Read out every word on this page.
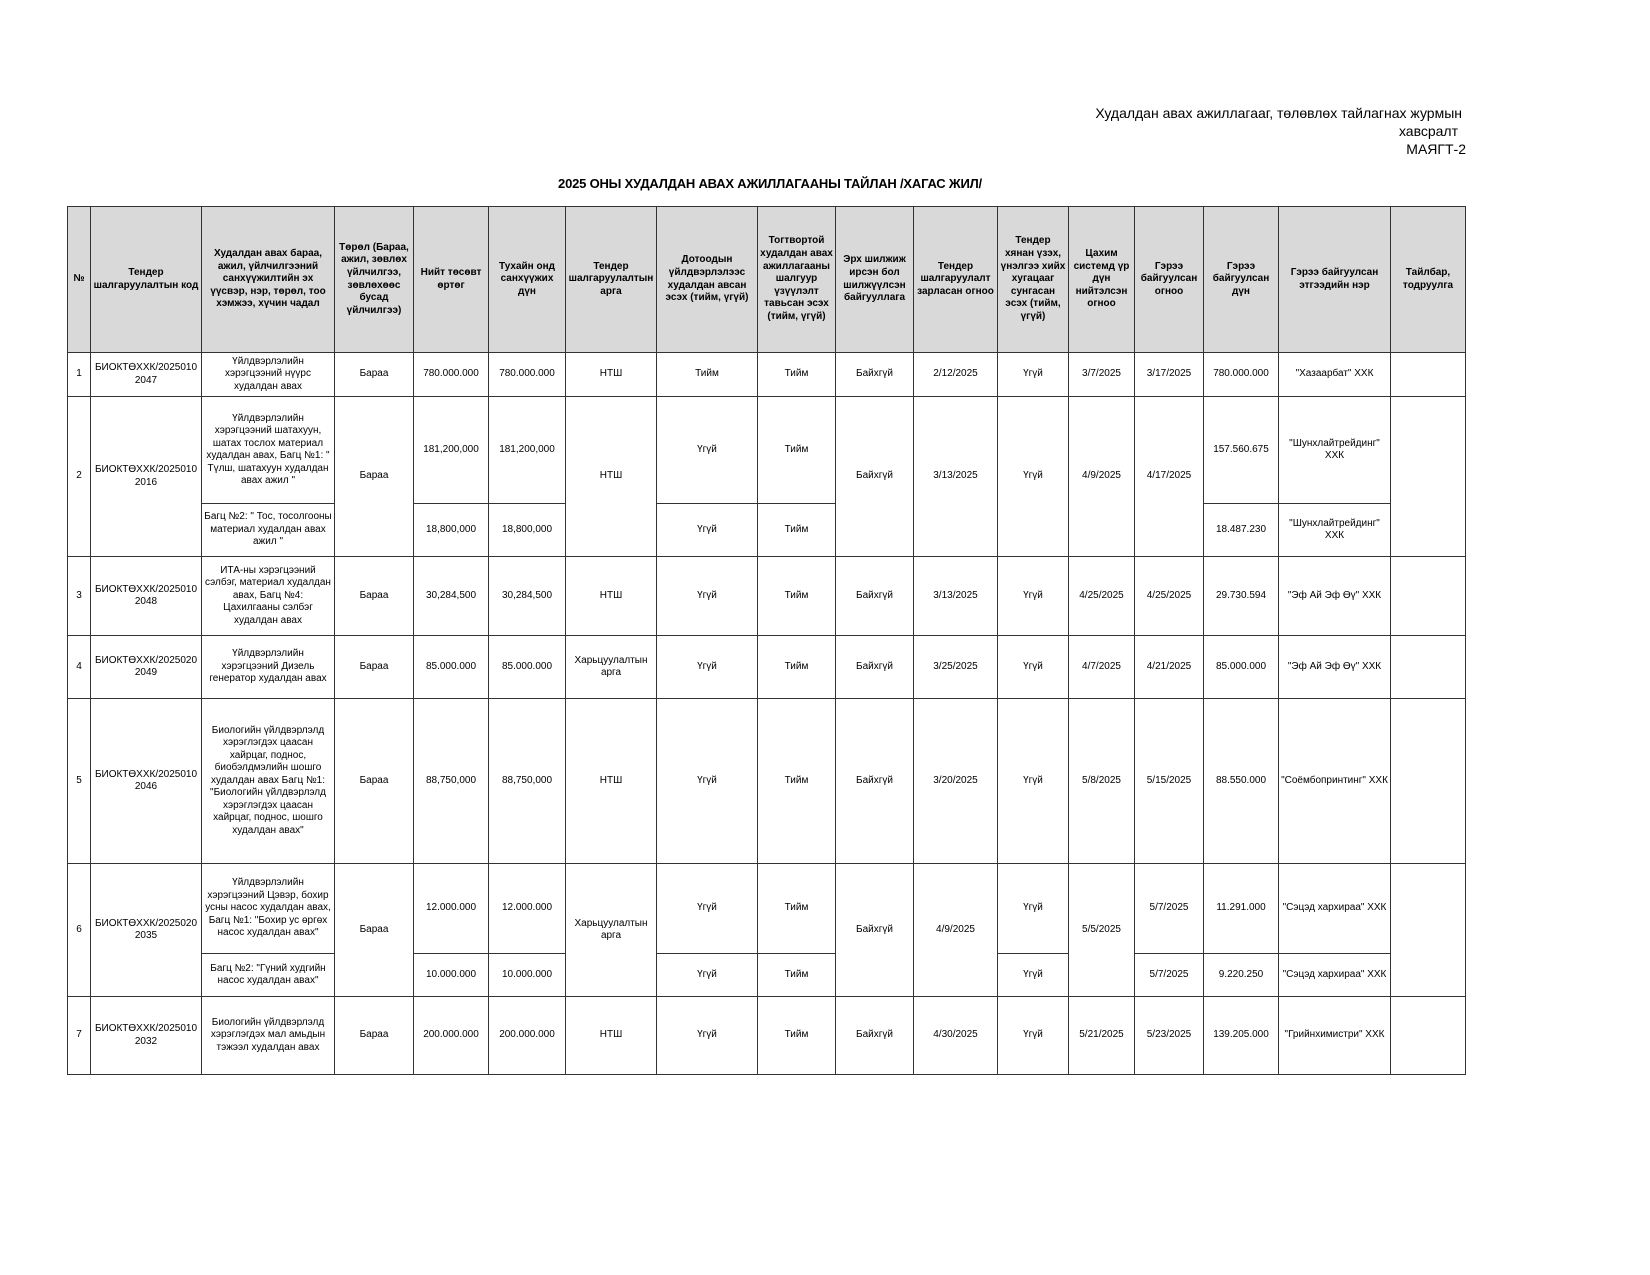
Худалдан авах ажиллагааг, төлөвлөх тайлагнах журмын
хавсралт
МАЯГТ-2
2025 ОНЫ ХУДАЛДАН АВАХ АЖИЛЛАГААНЫ ТАЙЛАН /ХАГАС ЖИЛ/
№	Тендер шалгаруулалтын код	Худалдан авах бараа, ажил, үйлчилгээний санхүүжилтийн эх үүсвэр, нэр, төрөл, тоо хэмжээ, хүчин чадал	Төрөл (Бараа, ажил, зөвлөх үйлчилгээ, зөвлөхөөс бусад үйлчилгээ)	Нийт төсөвт өртөг	Тухайн онд санхүүжих дүн	Тендер шалгаруулалтын арга	Дотоодын үйлдвэрлэлээс худалдан авсан эсэх (тийм, үгүй)	Тогтвортой худалдан авах ажиллагааны шалгуур үзүүлэлт тавьсан эсэх (тийм, үгүй)	Эрх шилжиж ирсэн бол шилжүүлсэн байгууллага	Тендер шалгаруулалт зарласан огноо	Тендер хянан үзэх, үнэлгээ хийх хугацааг сунгасан эсэх (тийм, үгүй)	Цахим системд үр дүн нийтэлсэн огноо	Гэрээ байгуулсан огноо	Гэрээ байгуулсан дүн	Гэрээ байгуулсан этгээдийн нэр	Тайлбар, тодруулга
1	БИОКТӨХХК/20250102047	Үйлдвэрлэлийн хэрэгцээний нүүрс худалдан авах	Бараа	780.000.000	780.000.000	НТШ	Тийм	Тийм	Байхгүй	2/12/2025	Үгүй	3/7/2025	3/17/2025	780.000.000	"Хазаарбат" ХХК	
2	БИОКТӨХХК/20250102016	Үйлдвэрлэлийн хэрэгцээний шатахуун, шатах тослох материал худалдан авах, Багц №1: " Түлш, шатахуун худалдан авах ажил "	Бараа	181,200,000	181,200,000	НТШ	Үгүй	Тийм	Байхгүй	3/13/2025	Үгүй	4/9/2025	4/17/2025	157.560.675	"Шунхлайтрейдинг" ХХК	
		Багц №2: " Тос, тосолгооны материал худалдан авах ажил "		18,800,000	18,800,000		Үгүй	Тийм						18.487.230	"Шунхлайтрейдинг" ХХК	
3	БИОКТӨХХК/20250102048	ИТА-ны хэрэгцээний сэлбэг, материал худалдан авах, Багц №4: Цахилгааны сэлбэг худалдан авах	Бараа	30,284,500	30,284,500	НТШ	Үгүй	Тийм	Байхгүй	3/13/2025	Үгүй	4/25/2025	4/25/2025	29.730.594	"Эф Ай Эф Өү" ХХК	
4	БИОКТӨХХК/20250202049	Үйлдвэрлэлийн хэрэгцээний Дизель генератор худалдан авах	Бараа	85.000.000	85.000.000	Харьцуулалтын арга	Үгүй	Тийм	Байхгүй	3/25/2025	Үгүй	4/7/2025	4/21/2025	85.000.000	"Эф Ай Эф Өү" ХХК	
5	БИОКТӨХХК/20250102046	Биологийн үйлдвэрлэлд хэрэглэгдэх цаасан хайрцаг, поднос, биобэлдмэлийн шошго худалдан авах Багц №1: "Биологийн үйлдвэрлэлд хэрэглэгдэх цаасан хайрцаг, поднос, шошго худалдан авах"	Бараа	88,750,000	88,750,000	НТШ	Үгүй	Тийм	Байхгүй	3/20/2025	Үгүй	5/8/2025	5/15/2025	88.550.000	"Соёмбопринтинг" ХХК	
6	БИОКТӨХХК/20250202035	Үйлдвэрлэлийн хэрэгцээний Цэвэр, бохир усны насос худалдан авах, Багц №1: "Бохир ус өргөх насос худалдан авах"	Бараа	12.000.000	12.000.000	Харьцуулалтын арга	Үгүй	Тийм	Байхгүй	4/9/2025	Үгүй	5/5/2025	5/7/2025	11.291.000	"Сэцэд хархираа" ХХК	
		Багц №2: "Гүний худгийн насос худалдан авах"		10.000.000	10.000.000		Үгүй	Тийм			Үгүй		5/7/2025	9.220.250	"Сэцэд хархираа" ХХК	
7	БИОКТӨХХК/20250102032	Биологийн үйлдвэрлэлд хэрэглэгдэх мал амьдын тэжээл худалдан авах	Бараа	200.000.000	200.000.000	НТШ	Үгүй	Тийм	Байхгүй	4/30/2025	Үгүй	5/21/2025	5/23/2025	139.205.000	"Грийнхимистри" ХХК	
